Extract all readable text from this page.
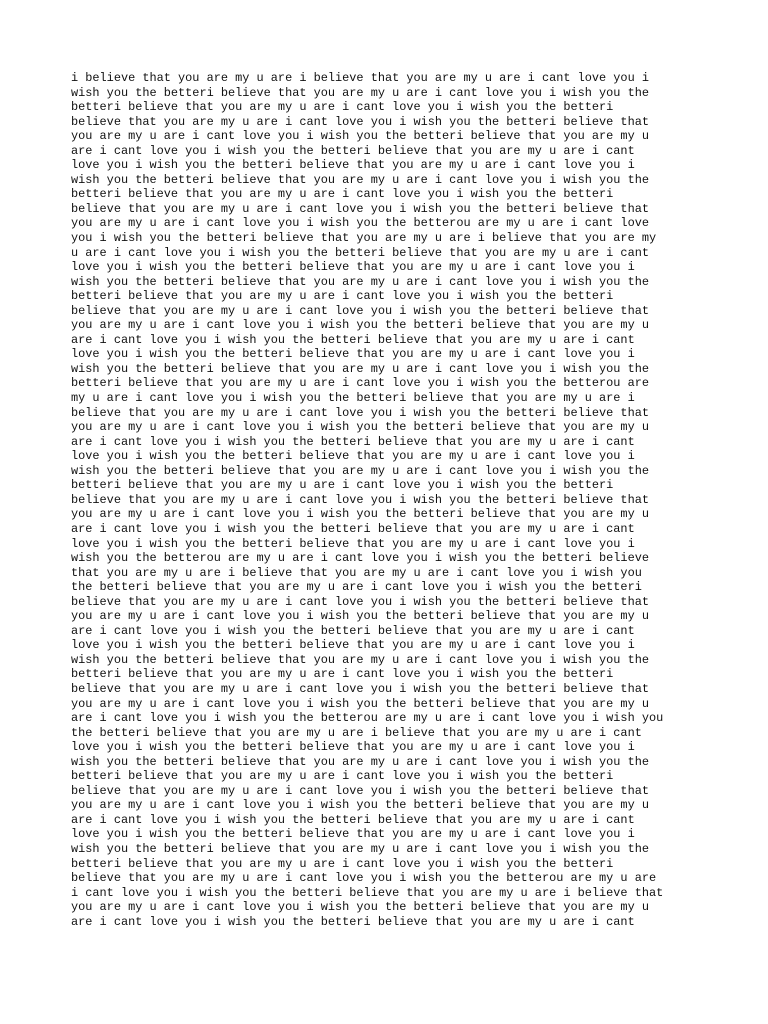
i believe that you are my u are i believe that you are my u are i cant love you i
wish you the betteri believe that you are my u are i cant love you i wish you the
betteri believe that you are my u are i cant love you i wish you the betteri
believe that you are my u are i cant love you i wish you the betteri believe that
you are my u are i cant love you i wish you the betteri believe that you are my u
are i cant love you i wish you the betteri believe that you are my u are i cant
love you i wish you the betteri believe that you are my u are i cant love you i
wish you the betteri believe that you are my u are i cant love you i wish you the
betteri believe that you are my u are i cant love you i wish you the betteri
believe that you are my u are i cant love you i wish you the betteri believe that
you are my u are i cant love you i wish you the betterou are my u are i cant love
you i wish you the betteri believe that you are my u are i believe that you are my
u are i cant love you i wish you the betteri believe that you are my u are i cant
love you i wish you the betteri believe that you are my u are i cant love you i
wish you the betteri believe that you are my u are i cant love you i wish you the
betteri believe that you are my u are i cant love you i wish you the betteri
believe that you are my u are i cant love you i wish you the betteri believe that
you are my u are i cant love you i wish you the betteri believe that you are my u
are i cant love you i wish you the betteri believe that you are my u are i cant
love you i wish you the betteri believe that you are my u are i cant love you i
wish you the betteri believe that you are my u are i cant love you i wish you the
betteri believe that you are my u are i cant love you i wish you the betterou are
my u are i cant love you i wish you the betteri believe that you are my u are i
believe that you are my u are i cant love you i wish you the betteri believe that
you are my u are i cant love you i wish you the betteri believe that you are my u
are i cant love you i wish you the betteri believe that you are my u are i cant
love you i wish you the betteri believe that you are my u are i cant love you i
wish you the betteri believe that you are my u are i cant love you i wish you the
betteri believe that you are my u are i cant love you i wish you the betteri
believe that you are my u are i cant love you i wish you the betteri believe that
you are my u are i cant love you i wish you the betteri believe that you are my u
are i cant love you i wish you the betteri believe that you are my u are i cant
love you i wish you the betteri believe that you are my u are i cant love you i
wish you the betterou are my u are i cant love you i wish you the betteri believe
that you are my u are i believe that you are my u are i cant love you i wish you
the betteri believe that you are my u are i cant love you i wish you the betteri
believe that you are my u are i cant love you i wish you the betteri believe that
you are my u are i cant love you i wish you the betteri believe that you are my u
are i cant love you i wish you the betteri believe that you are my u are i cant
love you i wish you the betteri believe that you are my u are i cant love you i
wish you the betteri believe that you are my u are i cant love you i wish you the
betteri believe that you are my u are i cant love you i wish you the betteri
believe that you are my u are i cant love you i wish you the betteri believe that
you are my u are i cant love you i wish you the betteri believe that you are my u
are i cant love you i wish you the betterou are my u are i cant love you i wish you
the betteri believe that you are my u are i believe that you are my u are i cant
love you i wish you the betteri believe that you are my u are i cant love you i
wish you the betteri believe that you are my u are i cant love you i wish you the
betteri believe that you are my u are i cant love you i wish you the betteri
believe that you are my u are i cant love you i wish you the betteri believe that
you are my u are i cant love you i wish you the betteri believe that you are my u
are i cant love you i wish you the betteri believe that you are my u are i cant
love you i wish you the betteri believe that you are my u are i cant love you i
wish you the betteri believe that you are my u are i cant love you i wish you the
betteri believe that you are my u are i cant love you i wish you the betteri
believe that you are my u are i cant love you i wish you the betterou are my u are
i cant love you i wish you the betteri believe that you are my u are i believe that
you are my u are i cant love you i wish you the betteri believe that you are my u
are i cant love you i wish you the betteri believe that you are my u are i cant
